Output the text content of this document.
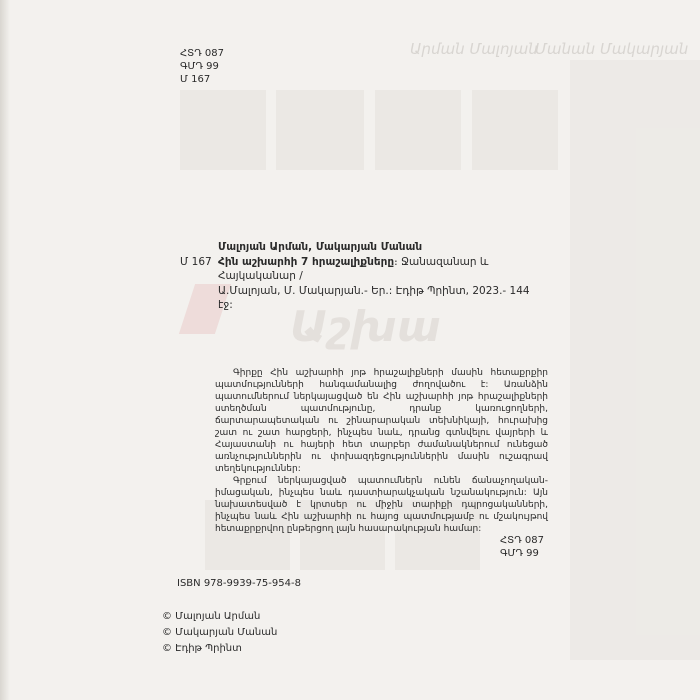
Արման Մալոյան
Մանան Մակարյան
Աշխա
ՀՏԴ 087
ԳՄԴ 99
Մ 167
Մալոյան Արման, Մակարյան Մանան
Մ 167 Հին աշխարհի 7 հրաշալիքները։ Ջանազանար և Հայկականար /
Ա.Մալոյան, Մ. Մակարյան.- Եր.: Էդիթ Պրինտ, 2023.- 144 էջ:

Գիրքը Հին աշխարհի յոթ հրաշալիքների մասին հետաքրքիր պատմությունների հանգամանալից ժողովածու է: Առանձին պատումներում ներկայացված են Հին աշխարհի յոթ հրաշալիքների ստեղծման պատմությունը, դրանք կառուցողների, ճարտարապետական ու շինարարական տեխնիկայի, հուրախից շատ ու շատ հարցերի, ինչպես նաև, դրանց գտնվելու վայրերի և Հայաստանի ու հայերի հետ տարբեր ժամանակներում ունեցած առնչություններին ու փոխազդեցություններին մասին ուշագրավ տեղեկություններ:

Գրքում ներկայացված պատումներն ունեն ճանաչողական-իմացական, ինչպես նաև դաստիարակչական նշանակություն: Այն նախատեսված է կրտսեր ու միջին տարիքի դպրոցականների, ինչպես նաև Հին աշխարհի ու հայոց պատմությամբ ու մշակույթով հետաքրքրվող ընթերցող լայն հասարակության համար:

ՀՏԴ 087
ԳՄԴ 99
ISBN 978-9939-75-954-8
© Մալոյան Արման
© Մակարյան Մանան
© Էդիթ Պրինտ
